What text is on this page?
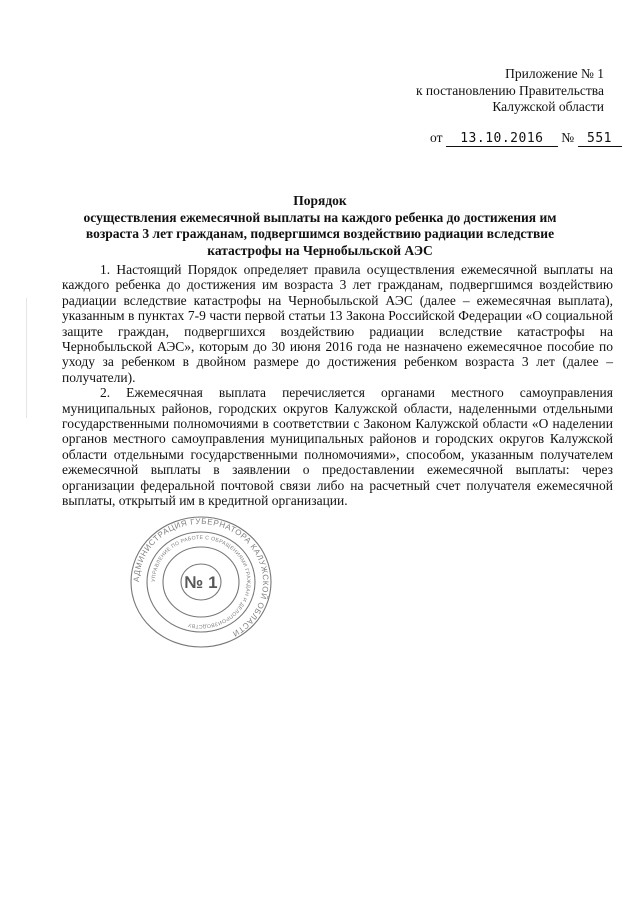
Приложение № 1
к постановлению Правительства
Калужской области
от 13.10.2016 № 551
Порядок
осуществления ежемесячной выплаты на каждого ребенка до достижения им возраста 3 лет гражданам, подвергшимся воздействию радиации вследствие катастрофы на Чернобыльской АЭС

1. Настоящий Порядок определяет правила осуществления ежемесячной выплаты на каждого ребенка до достижения им возраста 3 лет гражданам, подвергшимся воздействию радиации вследствие катастрофы на Чернобыльской АЭС (далее – ежемесячная выплата), указанным в пунктах 7-9 части первой статьи 13 Закона Российской Федерации «О социальной защите граждан, подвергшихся воздействию радиации вследствие катастрофы на Чернобыльской АЭС», которым до 30 июня 2016 года не назначено ежемесячное пособие по уходу за ребенком в двойном размере до достижения ребенком возраста 3 лет (далее – получатели).

2. Ежемесячная выплата перечисляется органами местного самоуправления муниципальных районов, городских округов Калужской области, наделенными отдельными государственными полномочиями в соответствии с Законом Калужской области «О наделении органов местного самоуправления муниципальных районов и городских округов Калужской области отдельными государственными полномочиями», способом, указанным получателем ежемесячной выплаты в заявлении о предоставлении ежемесячной выплаты: через организации федеральной почтовой связи либо на расчетный счет получателя ежемесячной выплаты, открытый им в кредитной организации.

АДМИНИСТРАЦИЯ ГУБЕРНАТОРА КАЛУЖСКОЙ ОБЛАСТИ
УПРАВЛЕНИЕ ПО РАБОТЕ С ОБРАЩЕНИЯМИ ГРАЖДАН И ДЕЛОПРОИЗВОДСТВУ
№ 1
